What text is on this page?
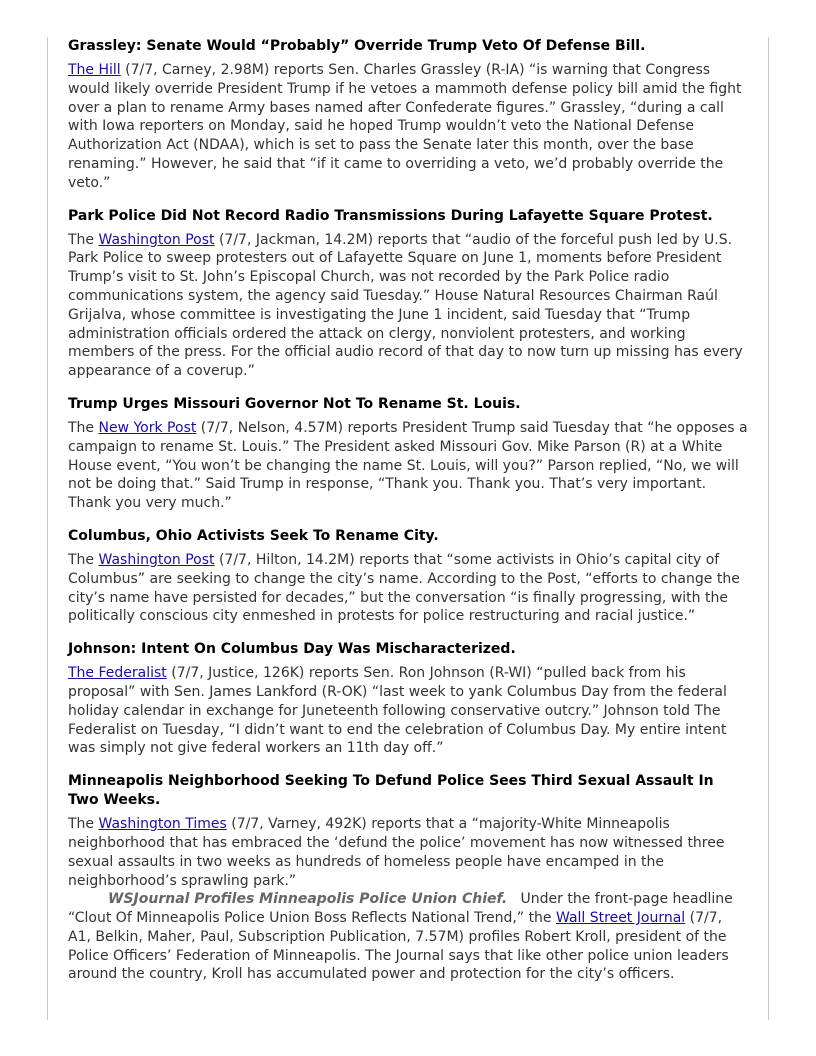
Grassley: Senate Would “Probably” Override Trump Veto Of Defense Bill.

The Hill (7/7, Carney, 2.98M) reports Sen. Charles Grassley (R-IA) “is warning that Congress would likely override President Trump if he vetoes a mammoth defense policy bill amid the fight over a plan to rename Army bases named after Confederate figures.” Grassley, “during a call with Iowa reporters on Monday, said he hoped Trump wouldn’t veto the National Defense Authorization Act (NDAA), which is set to pass the Senate later this month, over the base renaming.” However, he said that “if it came to overriding a veto, we’d probably override the veto.”

Park Police Did Not Record Radio Transmissions During Lafayette Square Protest.

The Washington Post (7/7, Jackman, 14.2M) reports that “audio of the forceful push led by U.S. Park Police to sweep protesters out of Lafayette Square on June 1, moments before President Trump’s visit to St. John’s Episcopal Church, was not recorded by the Park Police radio communications system, the agency said Tuesday.” House Natural Resources Chairman Raúl Grijalva, whose committee is investigating the June 1 incident, said Tuesday that “Trump administration officials ordered the attack on clergy, nonviolent protesters, and working members of the press. For the official audio record of that day to now turn up missing has every appearance of a coverup.”

Trump Urges Missouri Governor Not To Rename St. Louis.

The New York Post (7/7, Nelson, 4.57M) reports President Trump said Tuesday that “he opposes a campaign to rename St. Louis.” The President asked Missouri Gov. Mike Parson (R) at a White House event, “You won’t be changing the name St. Louis, will you?” Parson replied, “No, we will not be doing that.” Said Trump in response, “Thank you. Thank you. That’s very important. Thank you very much.”

Columbus, Ohio Activists Seek To Rename City.

The Washington Post (7/7, Hilton, 14.2M) reports that “some activists in Ohio’s capital city of Columbus” are seeking to change the city’s name. According to the Post, “efforts to change the city’s name have persisted for decades,” but the conversation “is finally progressing, with the politically conscious city enmeshed in protests for police restructuring and racial justice.”

Johnson: Intent On Columbus Day Was Mischaracterized.

The Federalist (7/7, Justice, 126K) reports Sen. Ron Johnson (R-WI) “pulled back from his proposal” with Sen. James Lankford (R-OK) “last week to yank Columbus Day from the federal holiday calendar in exchange for Juneteenth following conservative outcry.” Johnson told The Federalist on Tuesday, “I didn’t want to end the celebration of Columbus Day. My entire intent was simply not give federal workers an 11th day off.”

Minneapolis Neighborhood Seeking To Defund Police Sees Third Sexual Assault In Two Weeks.

The Washington Times (7/7, Varney, 492K) reports that a “majority-White Minneapolis neighborhood that has embraced the ‘defund the police’ movement has now witnessed three sexual assaults in two weeks as hundreds of homeless people have encamped in the neighborhood’s sprawling park.”

WSJournal Profiles Minneapolis Police Union Chief.   Under the front-page headline “Clout Of Minneapolis Police Union Boss Reflects National Trend,” the Wall Street Journal (7/7, A1, Belkin, Maher, Paul, Subscription Publication, 7.57M) profiles Robert Kroll, president of the Police Officers’ Federation of Minneapolis. The Journal says that like other police union leaders around the country, Kroll has accumulated power and protection for the city’s officers.
